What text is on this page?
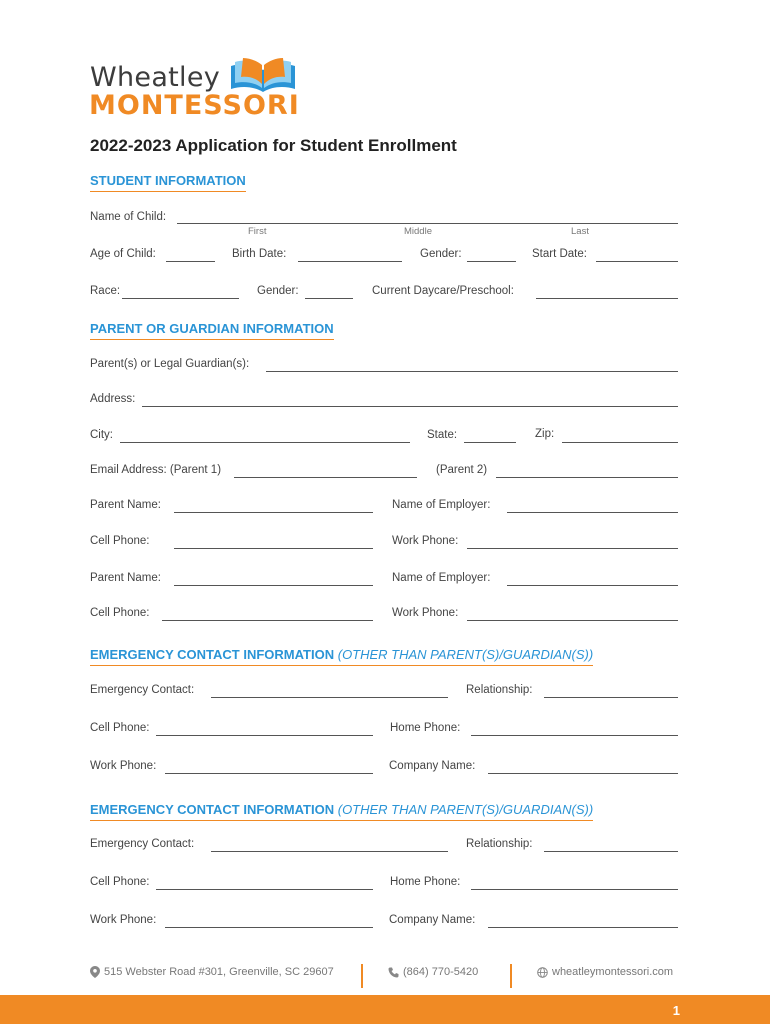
Wheatley
MONTESSORI
2022-2023 Application for Student Enrollment
STUDENT INFORMATION
Name of Child:
First	Middle	Last
Age of Child:	Birth Date:	Gender:	Start Date:
Race:	Gender:	Current Daycare/Preschool:
PARENT OR GUARDIAN INFORMATION
Parent(s) or Legal Guardian(s):
Address:
City:	State:	Zip:
Email Address: (Parent 1)	(Parent 2)
Parent Name:	Name of Employer:
Cell Phone:	Work Phone:
Parent Name:	Name of Employer:
Cell Phone:	Work Phone:
EMERGENCY CONTACT INFORMATION (OTHER THAN PARENT(S)/GUARDIAN(S))
Emergency Contact:	Relationship:
Cell Phone:	Home Phone:
Work Phone:	Company Name:
EMERGENCY CONTACT INFORMATION (OTHER THAN PARENT(S)/GUARDIAN(S))
Emergency Contact:	Relationship:
Cell Phone:	Home Phone:
Work Phone:	Company Name:
515 Webster Road #301, Greenville, SC 29607	(864) 770-5420	wheatleymontessori.com
1
